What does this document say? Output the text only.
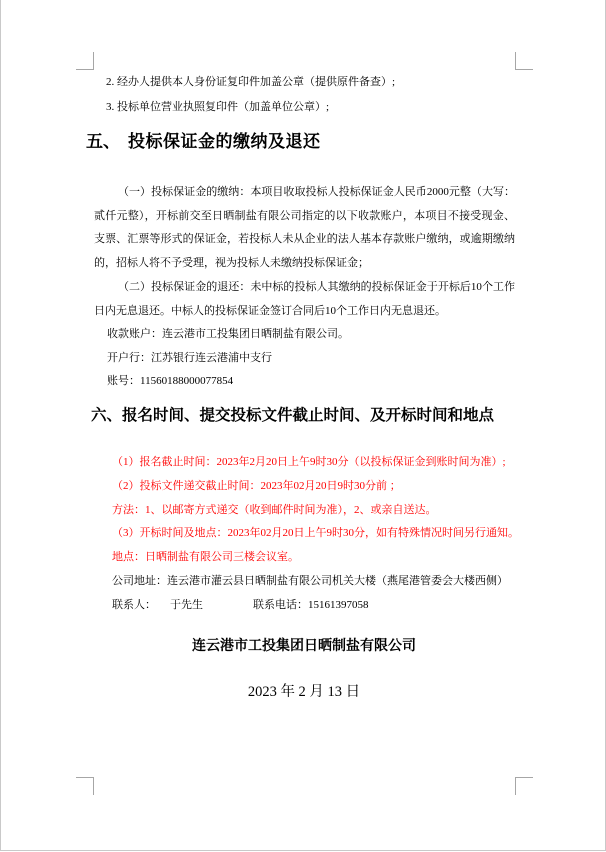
2. 经办人提供本人身份证复印件加盖公章（提供原件备查）;
3. 投标单位营业执照复印件（加盖单位公章）;
五、 投标保证金的缴纳及退还
（一）投标保证金的缴纳：本项目收取投标人投标保证金人民币2000元整（大写：贰仟元整），开标前交至日晒制盐有限公司指定的以下收款账户，本项目不接受现金、支票、汇票等形式的保证金，若投标人未从企业的法人基本存款账户缴纳，或逾期缴纳的，招标人将不予受理，视为投标人未缴纳投标保证金；
（二）投标保证金的退还：未中标的投标人其缴纳的投标保证金于开标后10个工作日内无息退还。中标人的投标保证金签订合同后10个工作日内无息退还。
收款账户：连云港市工投集团日晒制盐有限公司。
开户行：江苏银行连云港浦中支行
账号：11560188000077854
六、报名时间、提交投标文件截止时间、及开标时间和地点
（1）报名截止时间：2023年2月20日上午9时30分（以投标保证金到账时间为准）;
（2）投标文件递交截止时间：2023年02月20日9时30分前 ；
方法：1、以邮寄方式递交（收到邮件时间为准），2、或亲自送达。
（3）开标时间及地点：2023年02月20日上午9时30分，如有特殊情况时间另行通知。
地点：日晒制盐有限公司三楼会议室。
公司地址：连云港市灌云县日晒制盐有限公司机关大楼（燕尾港管委会大楼西侧）
联系人： 于先生	联系电话：15161397058
连云港市工投集团日晒制盐有限公司
2023 年 2 月 13 日
